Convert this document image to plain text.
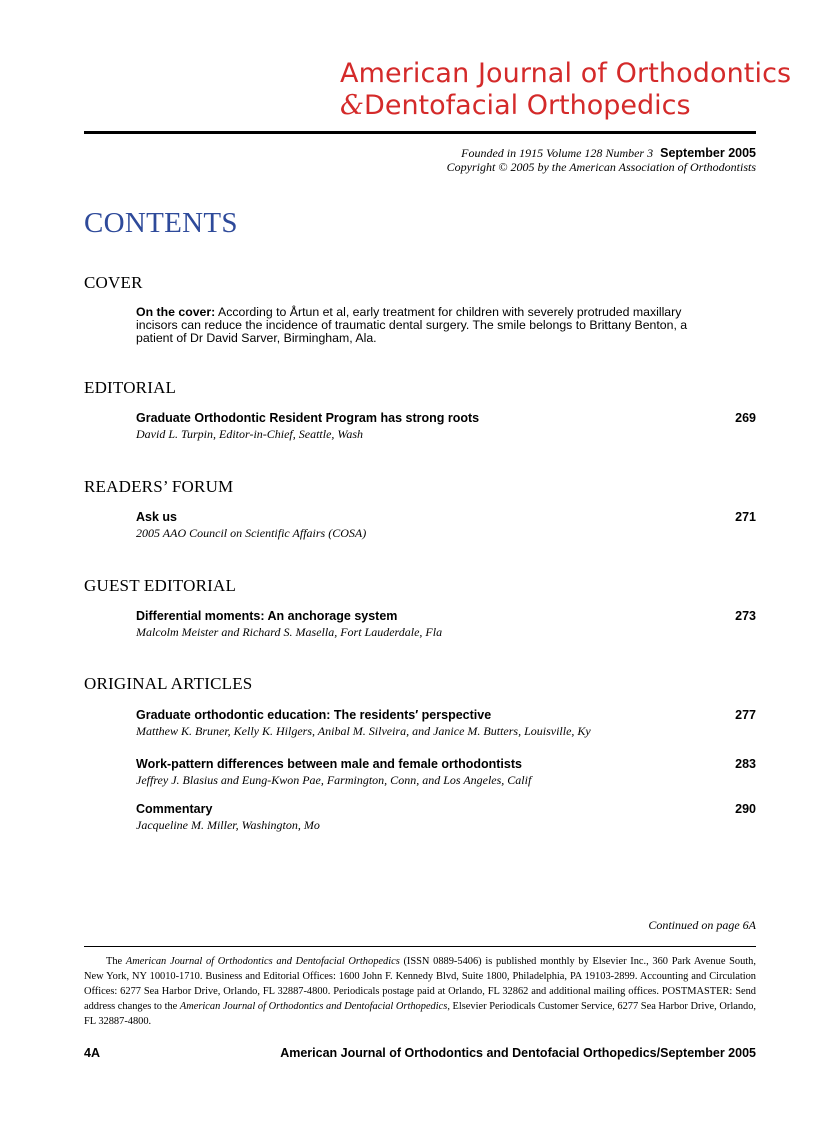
American Journal of Orthodontics
&Dentofacial Orthopedics
Founded in 1915 Volume 128 Number 3 September 2005
Copyright © 2005 by the American Association of Orthodontists
CONTENTS
COVER
On the cover: According to Årtun et al, early treatment for children with severely protruded maxillary incisors can reduce the incidence of traumatic dental surgery. The smile belongs to Brittany Benton, a patient of Dr David Sarver, Birmingham, Ala.
EDITORIAL
Graduate Orthodontic Resident Program has strong roots
David L. Turpin, Editor-in-Chief, Seattle, Wash
269
READERS’ FORUM
Ask us
2005 AAO Council on Scientific Affairs (COSA)
271
GUEST EDITORIAL
Differential moments: An anchorage system
Malcolm Meister and Richard S. Masella, Fort Lauderdale, Fla
273
ORIGINAL ARTICLES
Graduate orthodontic education: The residents′ perspective
Matthew K. Bruner, Kelly K. Hilgers, Anibal M. Silveira, and Janice M. Butters, Louisville, Ky
277
Work-pattern differences between male and female orthodontists
Jeffrey J. Blasius and Eung-Kwon Pae, Farmington, Conn, and Los Angeles, Calif
283
Commentary
Jacqueline M. Miller, Washington, Mo
290
Continued on page 6A
The American Journal of Orthodontics and Dentofacial Orthopedics (ISSN 0889-5406) is published monthly by Elsevier Inc., 360 Park Avenue South, New York, NY 10010-1710. Business and Editorial Offices: 1600 John F. Kennedy Blvd, Suite 1800, Philadelphia, PA 19103-2899. Accounting and Circulation Offices: 6277 Sea Harbor Drive, Orlando, FL 32887-4800. Periodicals postage paid at Orlando, FL 32862 and additional mailing offices. POSTMASTER: Send address changes to the American Journal of Orthodontics and Dentofacial Orthopedics, Elsevier Periodicals Customer Service, 6277 Sea Harbor Drive, Orlando, FL 32887-4800.
4A	American Journal of Orthodontics and Dentofacial Orthopedics/September 2005
